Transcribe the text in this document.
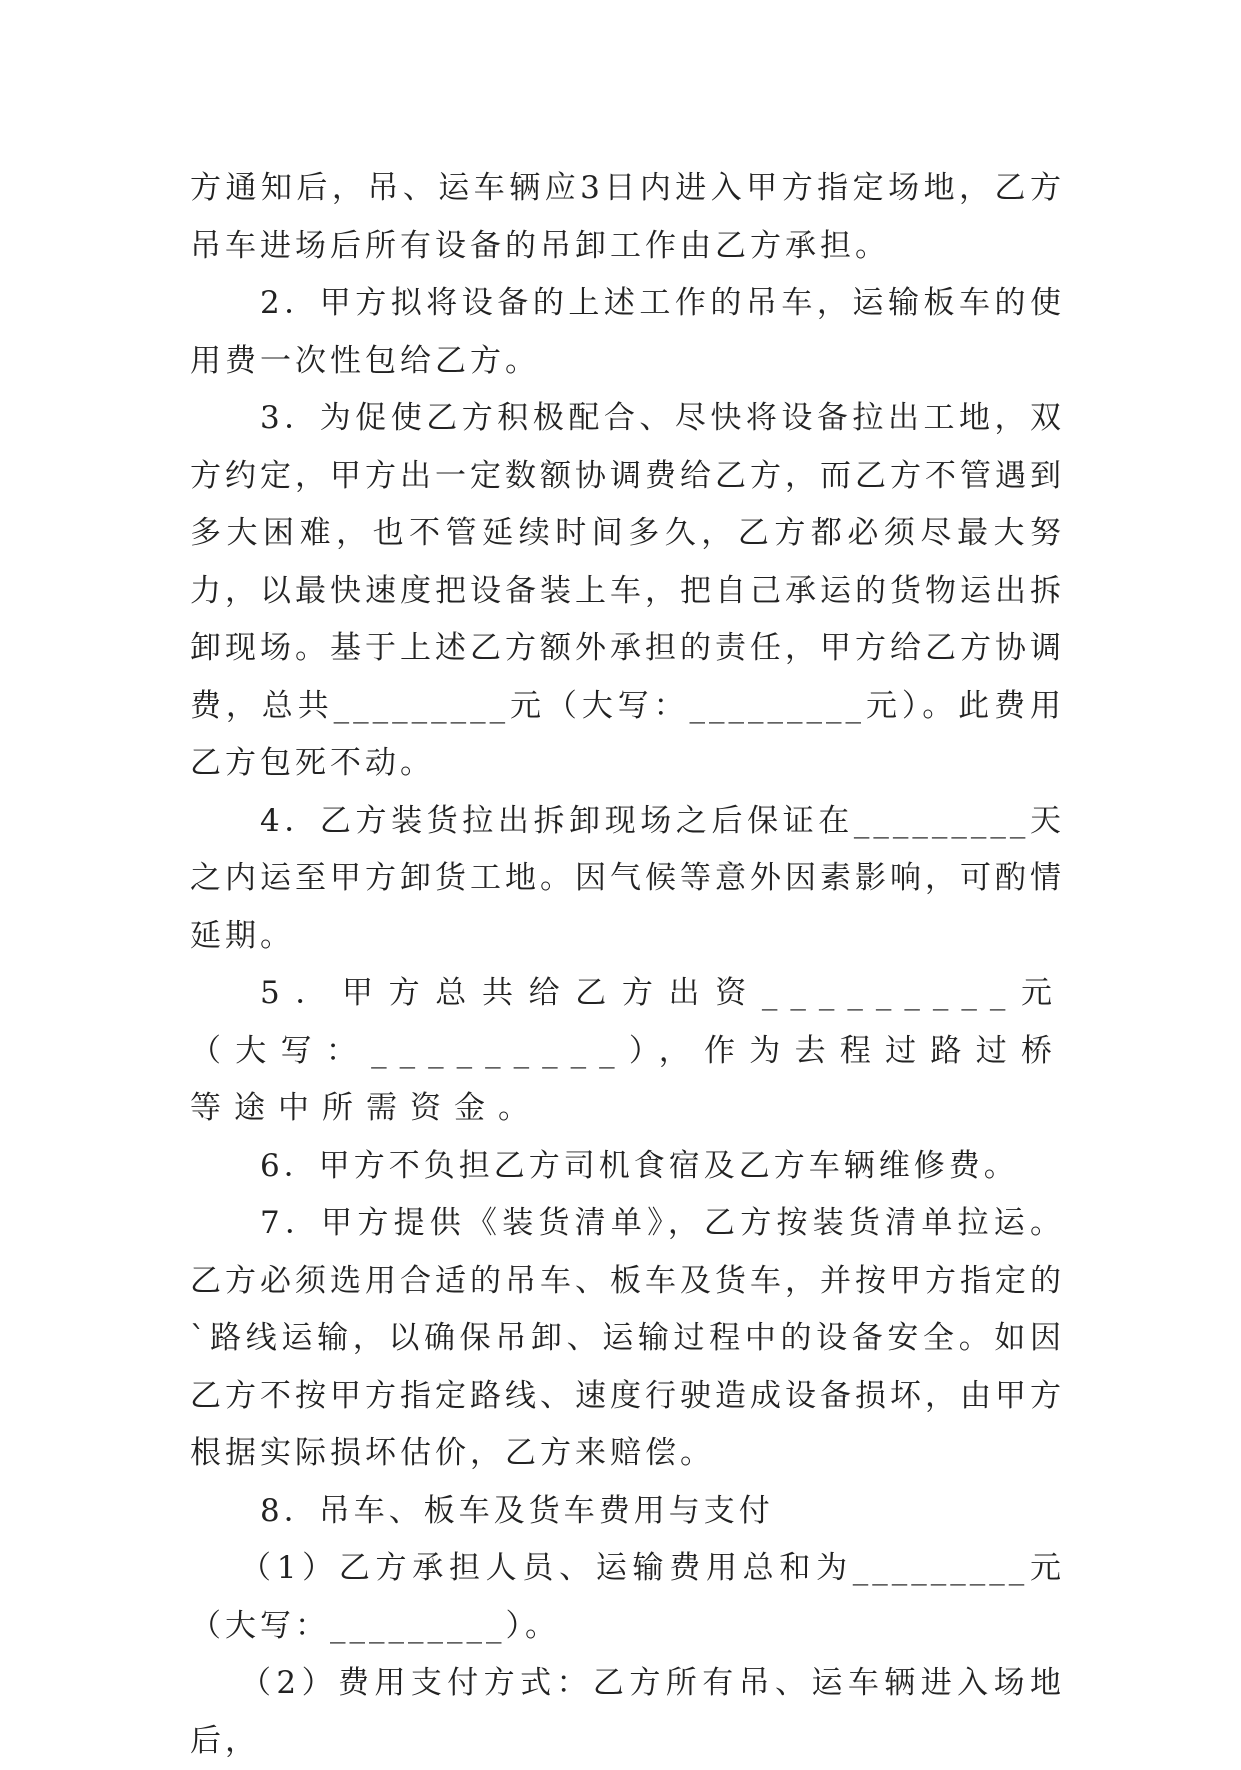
方通知后，吊、运车辆应3日内进入甲方指定场地，乙方吊车进场后所有设备的吊卸工作由乙方承担。

2．甲方拟将设备的上述工作的吊车，运输板车的使用费一次性包给乙方。

3．为促使乙方积极配合、尽快将设备拉出工地，双方约定，甲方出一定数额协调费给乙方，而乙方不管遇到多大困难，也不管延续时间多久，乙方都必须尽最大努力，以最快速度把设备装上车，把自己承运的货物运出拆卸现场。基于上述乙方额外承担的责任，甲方给乙方协调费，总共_________元（大写：_________元）。此费用乙方包死不动。

4．乙方装货拉出拆卸现场之后保证在_________天之内运至甲方卸货工地。因气候等意外因素影响，可酌情延期。

5．甲方总共给乙方出资_________元（大写：_________），作为去程过路过桥等途中所需资金。

6．甲方不负担乙方司机食宿及乙方车辆维修费。

7．甲方提供《装货清单》，乙方按装货清单拉运。乙方必须选用合适的吊车、板车及货车，并按甲方指定的`路线运输，以确保吊卸、运输过程中的设备安全。如因乙方不按甲方指定路线、速度行驶造成设备损坏，由甲方根据实际损坏估价，乙方来赔偿。

8．吊车、板车及货车费用与支付

（1）乙方承担人员、运输费用总和为_________元（大写：_________）。

（2）费用支付方式：乙方所有吊、运车辆进入场地后，
